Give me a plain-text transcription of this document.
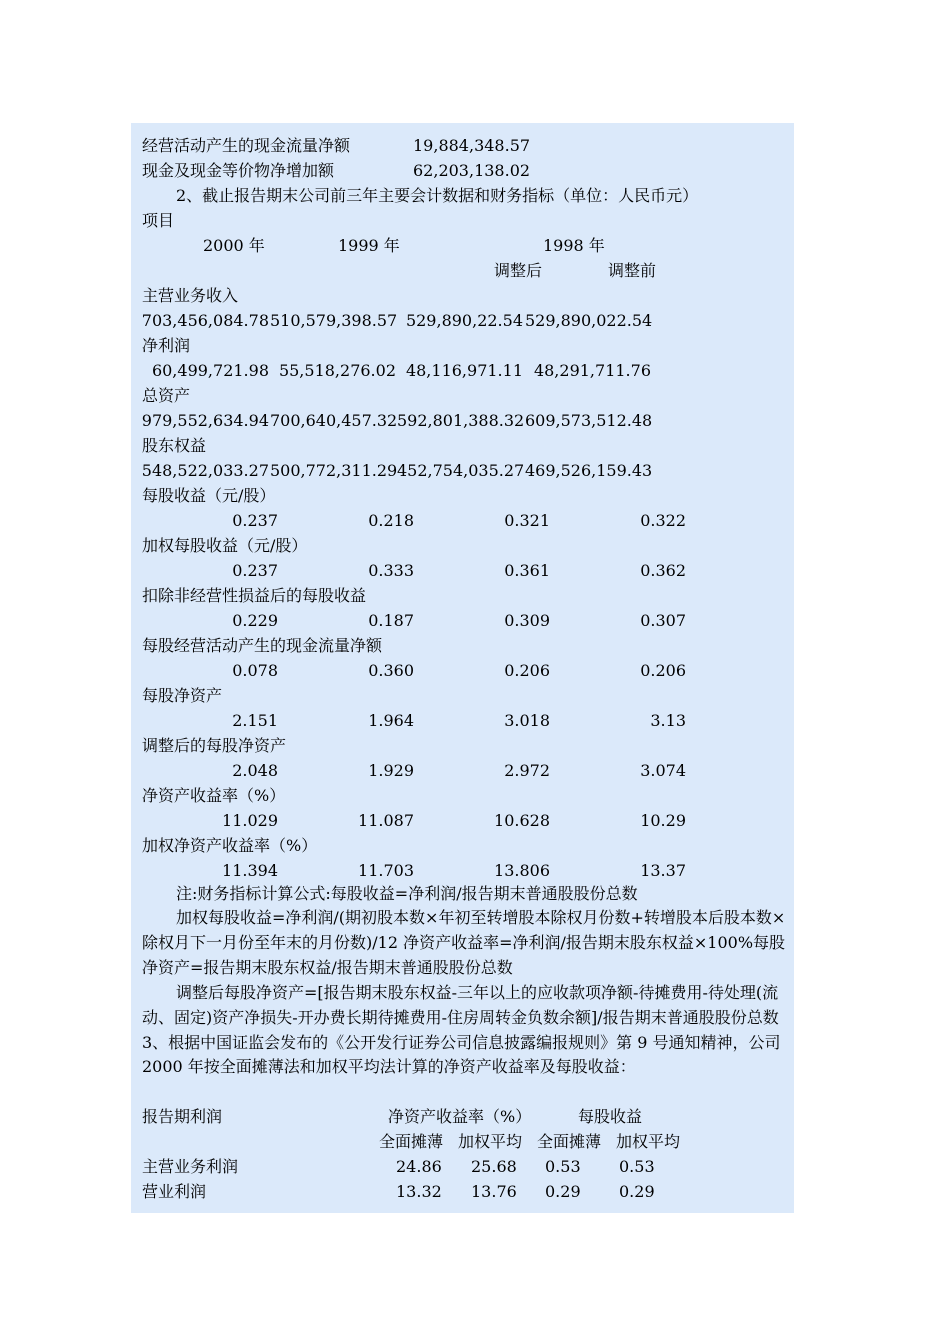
经营活动产生的现金流量净额	19,884,348.57
现金及现金等价物净增加额	62,203,138.02
2、截止报告期末公司前三年主要会计数据和财务指标（单位：人民币元）
项目
2000 年	1999 年	1998 年
调整后	调整前
主营业务收入
703,456,084.78 510,579,398.57 529,890,22.54 529,890,022.54
净利润
60,499,721.98 55,518,276.02 48,116,971.11 48,291,711.76
总资产
979,552,634.94 700,640,457.32 592,801,388.32 609,573,512.48
股东权益
548,522,033.27 500,772,311.29 452,754,035.27 469,526,159.43
每股收益（元/股）
0.237	0.218	0.321	0.322
加权每股收益（元/股）
0.237	0.333	0.361	0.362
扣除非经营性损益后的每股收益
0.229	0.187	0.309	0.307
每股经营活动产生的现金流量净额
0.078	0.360	0.206	0.206
每股净资产
2.151	1.964	3.018	3.13
调整后的每股净资产
2.048	1.929	2.972	3.074
净资产收益率（%）
11.029	11.087	10.628	10.29
加权净资产收益率（%）
11.394	11.703	13.806	13.37
注:财务指标计算公式:每股收益=净利润/报告期末普通股股份总数
加权每股收益=净利润/(期初股本数×年初至转增股本除权月份数+转增股本后股本数×除权月下一月份至年末的月份数)/12 净资产收益率=净利润/报告期末股东权益×100%每股净资产=报告期末股东权益/报告期末普通股股份总数
调整后每股净资产=[报告期末股东权益-三年以上的应收款项净额-待摊费用-待处理(流动、固定)资产净损失-开办费长期待摊费用-住房周转金负数余额]/报告期末普通股股份总数 3、根据中国证监会发布的《公开发行证券公司信息披露编报规则》第 9 号通知精神，公司 2000 年按全面摊薄法和加权平均法计算的净资产收益率及每股收益：
报告期利润	净资产收益率（%）	每股收益
全面摊薄 加权平均 全面摊薄 加权平均
主营业务利润	24.86 25.68 0.53 0.53
营业利润	13.32 13.76 0.29 0.29
